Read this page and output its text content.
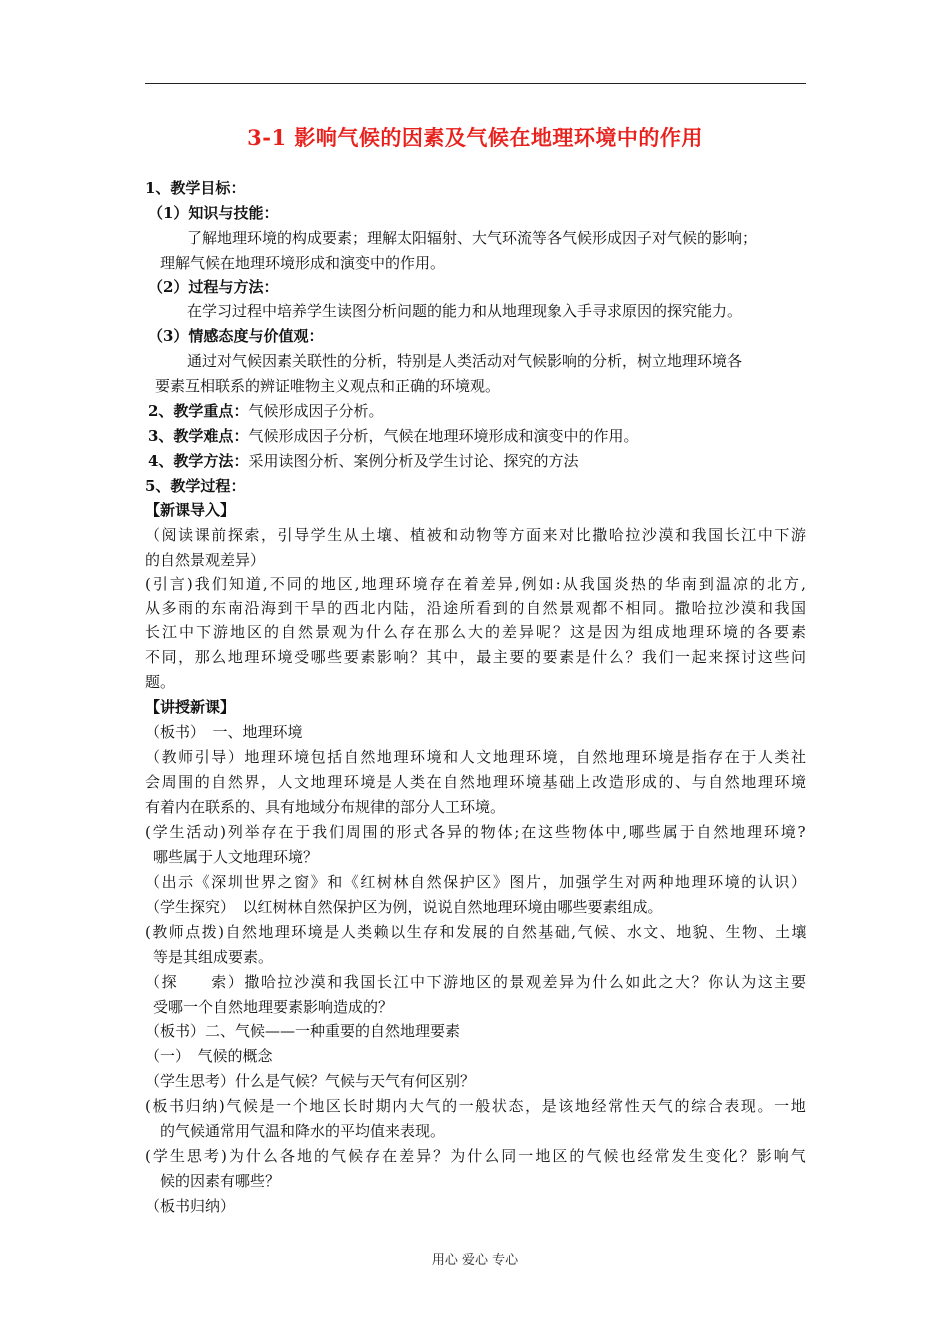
3-1 影响气候的因素及气候在地理环境中的作用
1、教学目标：
（1）知识与技能：
了解地理环境的构成要素；理解太阳辐射、大气环流等各气候形成因子对气候的影响；
理解气候在地理环境形成和演变中的作用。
（2）过程与方法：
在学习过程中培养学生读图分析问题的能力和从地理现象入手寻求原因的探究能力。
（3）情感态度与价值观：
通过对气候因素关联性的分析，特别是人类活动对气候影响的分析，树立地理环境各
要素互相联系的辨证唯物主义观点和正确的环境观。
2、教学重点：气候形成因子分析。
3、教学难点：气候形成因子分析，气候在地理环境形成和演变中的作用。
4、教学方法：采用读图分析、案例分析及学生讨论、探究的方法
5、教学过程：
【新课导入】
（阅读课前探索，引导学生从土壤、植被和动物等方面来对比撒哈拉沙漠和我国长江中下游
的自然景观差异）
(引言)我们知道,不同的地区,地理环境存在着差异,例如:从我国炎热的华南到温凉的北方,
从多雨的东南沿海到干旱的西北内陆，沿途所看到的自然景观都不相同。撒哈拉沙漠和我国
长江中下游地区的自然景观为什么存在那么大的差异呢？这是因为组成地理环境的各要素
不同，那么地理环境受哪些要素影响？其中，最主要的要素是什么？我们一起来探讨这些问
题。
【讲授新课】
（板书）　一、地理环境
（教师引导）地理环境包括自然地理环境和人文地理环境，自然地理环境是指存在于人类社
会周围的自然界，人文地理环境是人类在自然地理环境基础上改造形成的、与自然地理环境
有着内在联系的、具有地域分布规律的部分人工环境。
(学生活动)列举存在于我们周围的形式各异的物体;在这些物体中,哪些属于自然地理环境?
哪些属于人文地理环境？
（出示《深圳世界之窗》和《红树林自然保护区》图片，加强学生对两种地理环境的认识）
（学生探究）　以红树林自然保护区为例，说说自然地理环境由哪些要素组成。
(教师点拨)自然地理环境是人类赖以生存和发展的自然基础,气候、水文、地貌、生物、土壤
等是其组成要素。
（探　　索）撒哈拉沙漠和我国长江中下游地区的景观差异为什么如此之大？你认为这主要
受哪一个自然地理要素影响造成的？
（板书）二、气候——一种重要的自然地理要素
（一）　气候的概念
（学生思考）什么是气候？气候与天气有何区别？
(板书归纳)气候是一个地区长时期内大气的一般状态，是该地经常性天气的综合表现。一地
的气候通常用气温和降水的平均值来表现。
(学生思考)为什么各地的气候存在差异？为什么同一地区的气候也经常发生变化？影响气
候的因素有哪些？
（板书归纳）
用心 爱心 专心
